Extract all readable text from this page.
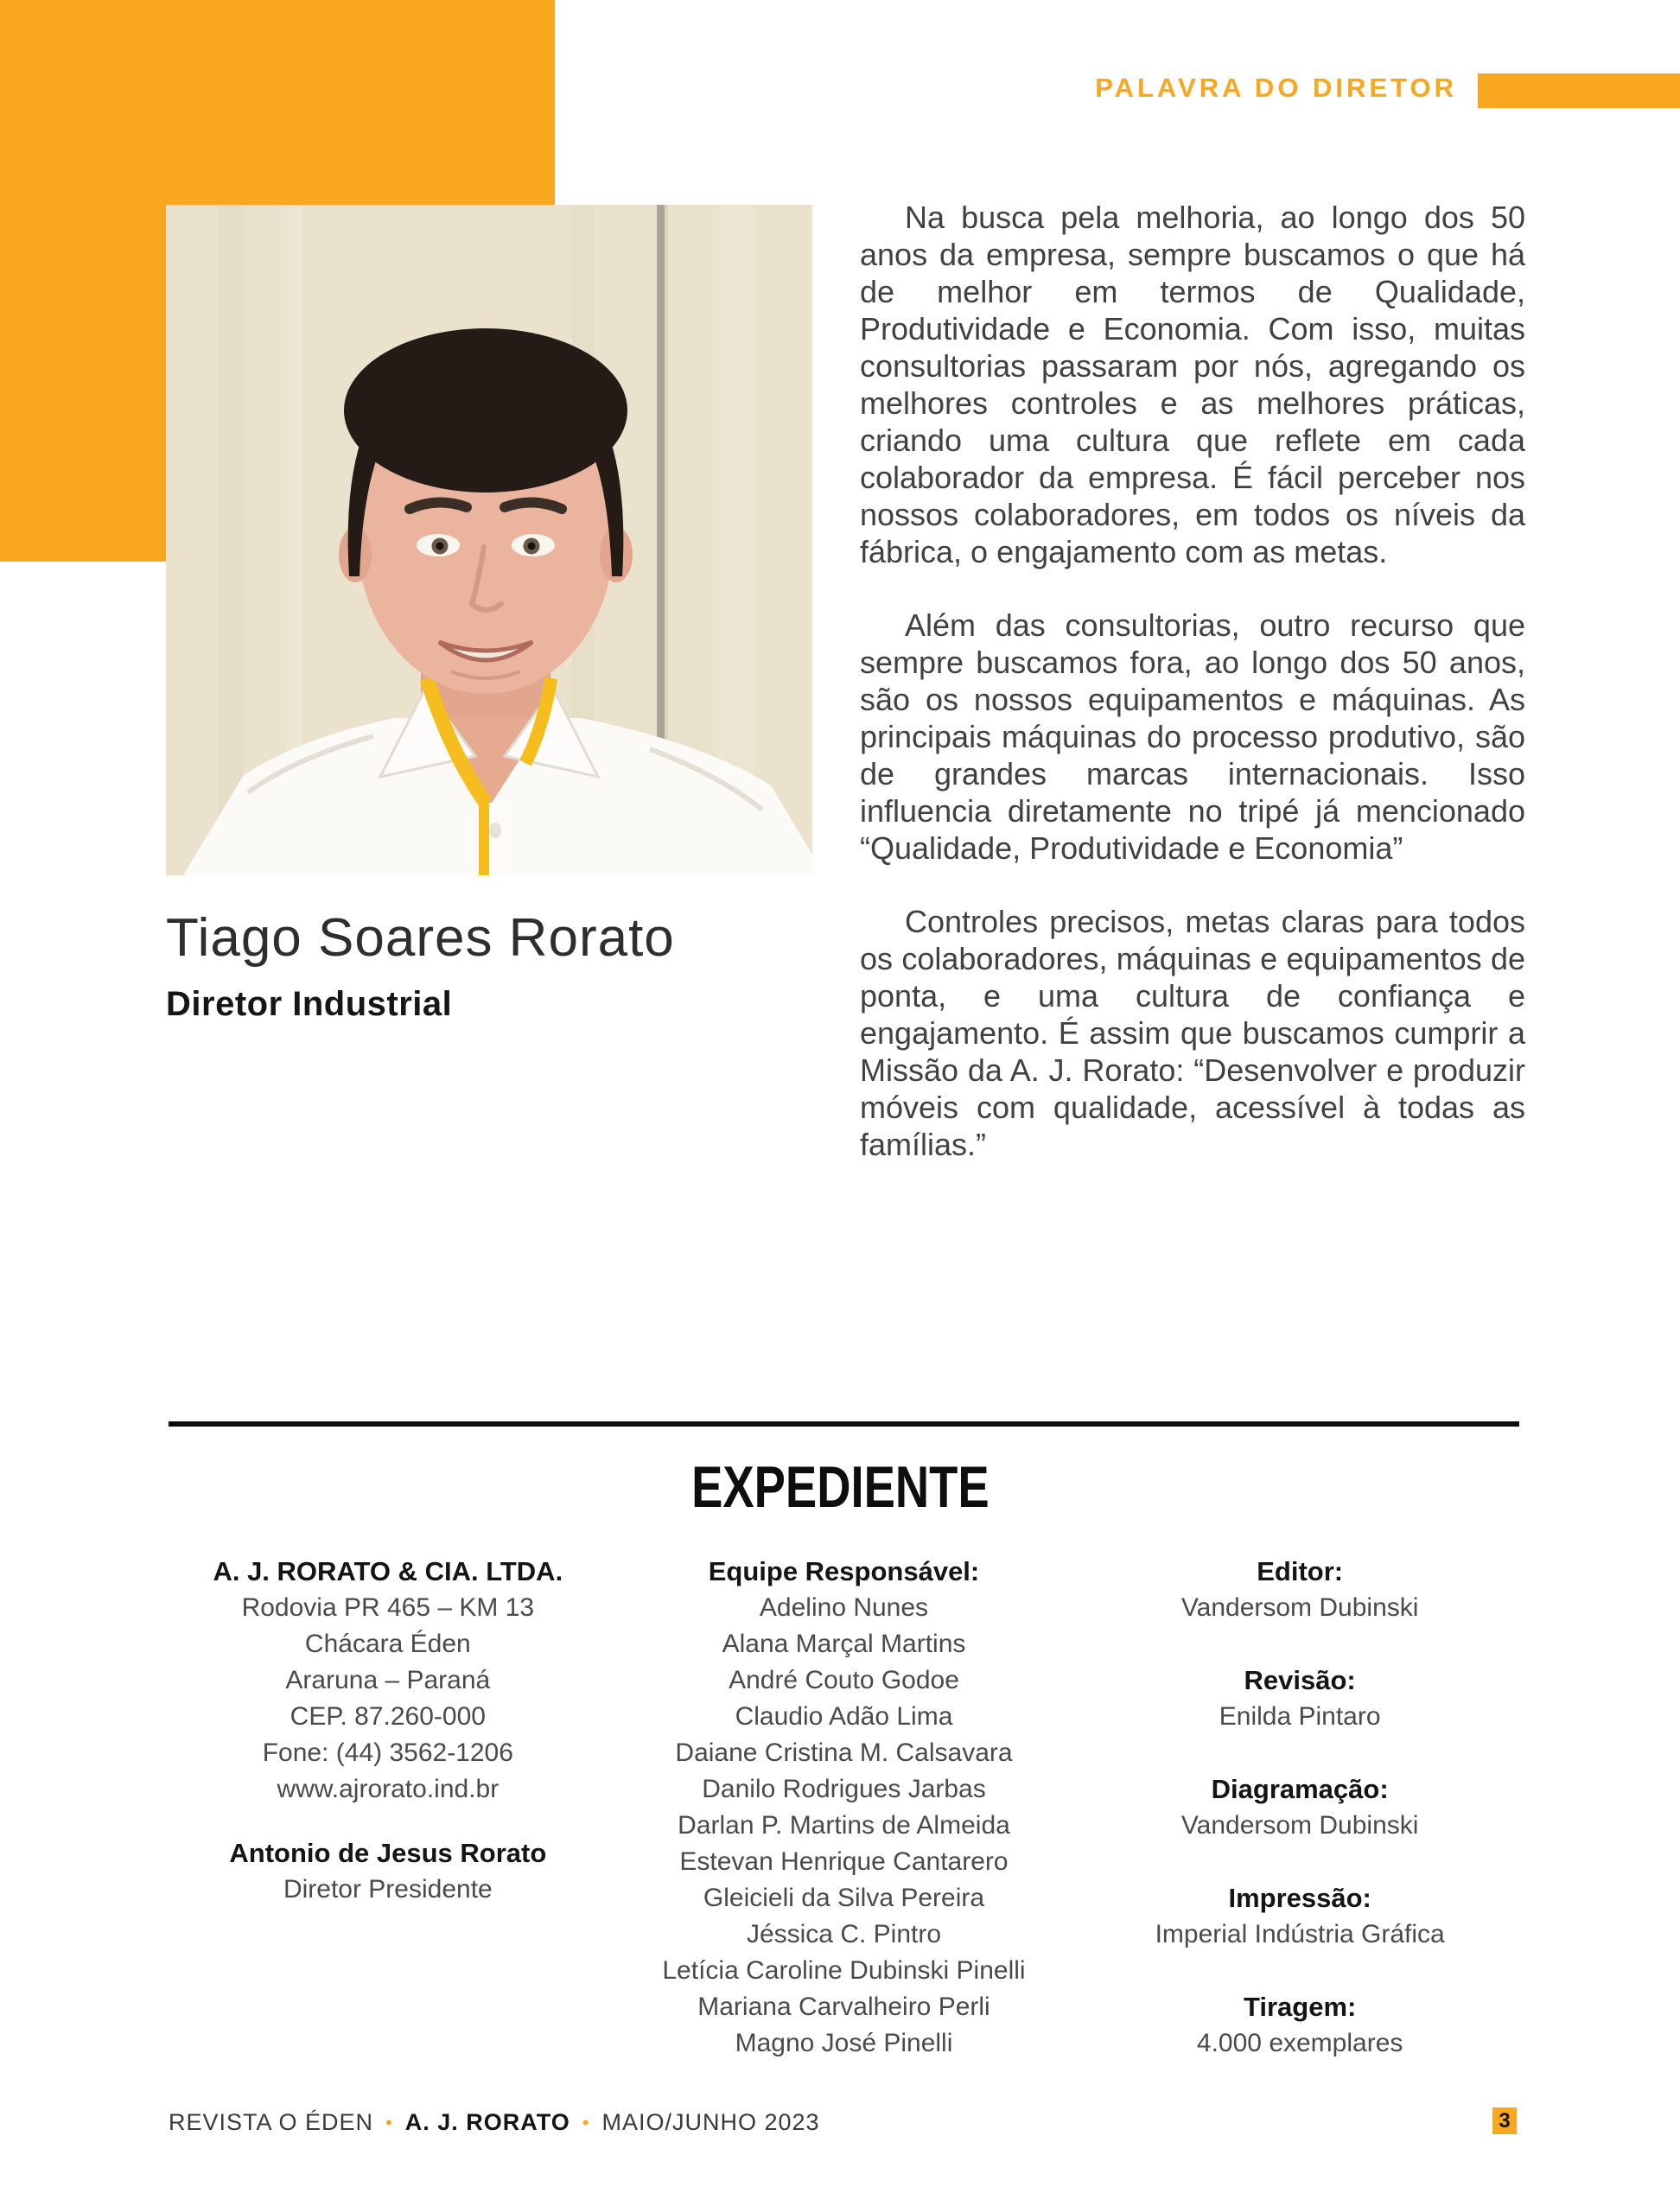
PALAVRA DO DIRETOR
Tiago Soares Rorato
Diretor Industrial

Na busca pela melhoria, ao longo dos 50 anos da empresa, sempre buscamos o que há de melhor em termos de Qualidade, Produtividade e Economia. Com isso, muitas consultorias passaram por nós, agregando os melhores controles e as melhores práticas, criando uma cultura que reflete em cada colaborador da empresa. É fácil perceber nos nossos colaboradores, em todos os níveis da fábrica, o engajamento com as metas.

Além das consultorias, outro recurso que sempre buscamos fora, ao longo dos 50 anos, são os nossos equipamentos e máquinas. As principais máquinas do processo produtivo, são de grandes marcas internacionais. Isso influencia diretamente no tripé já mencionado “Qualidade, Produtividade e Economia”

Controles precisos, metas claras para todos os colaboradores, máquinas e equipamentos de ponta, e uma cultura de confiança e engajamento. É assim que buscamos cumprir a Missão da A. J. Rorato: “Desenvolver e produzir móveis com qualidade, acessível à todas as famílias.”

EXPEDIENTE
A. J. RORATO & CIA. LTDA.
Rodovia PR 465 – KM 13
Chácara Éden
Araruna – Paraná
CEP. 87.260-000
Fone: (44) 3562-1206
www.ajrorato.ind.br
Antonio de Jesus Rorato
Diretor Presidente
Equipe Responsável:
Adelino Nunes
Alana Marçal Martins
André Couto Godoe
Claudio Adão Lima
Daiane Cristina M. Calsavara
Danilo Rodrigues Jarbas
Darlan P. Martins de Almeida
Estevan Henrique Cantarero
Gleicieli da Silva Pereira
Jéssica C. Pintro
Letícia Caroline Dubinski Pinelli
Mariana Carvalheiro Perli
Magno José Pinelli
Editor:
Vandersom Dubinski
Revisão:
Enilda Pintaro
Diagramação:
Vandersom Dubinski
Impressão:
Imperial Indústria Gráfica
Tiragem:
4.000 exemplares
REVISTA O ÉDEN • A. J. RORATO • MAIO/JUNHO 2023	3
